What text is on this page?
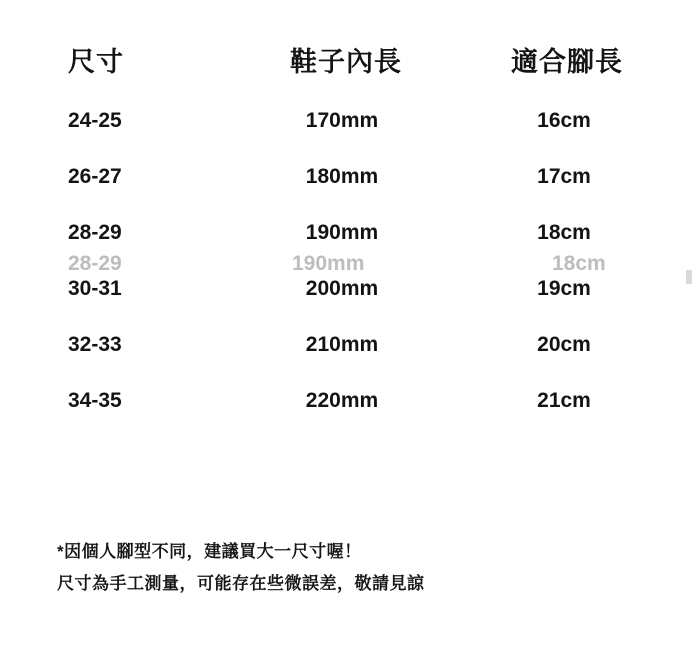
尺寸	鞋子內長	適合腳長
24-25	170mm	16cm
26-27	180mm	17cm
28-29	190mm	18cm
30-31	200mm	19cm
32-33	210mm	20cm
34-35	220mm	21cm
28-29	190mm	18cm
*因個人腳型不同，建議買大一尺寸喔！
尺寸為手工測量，可能存在些微誤差，敬請見諒
